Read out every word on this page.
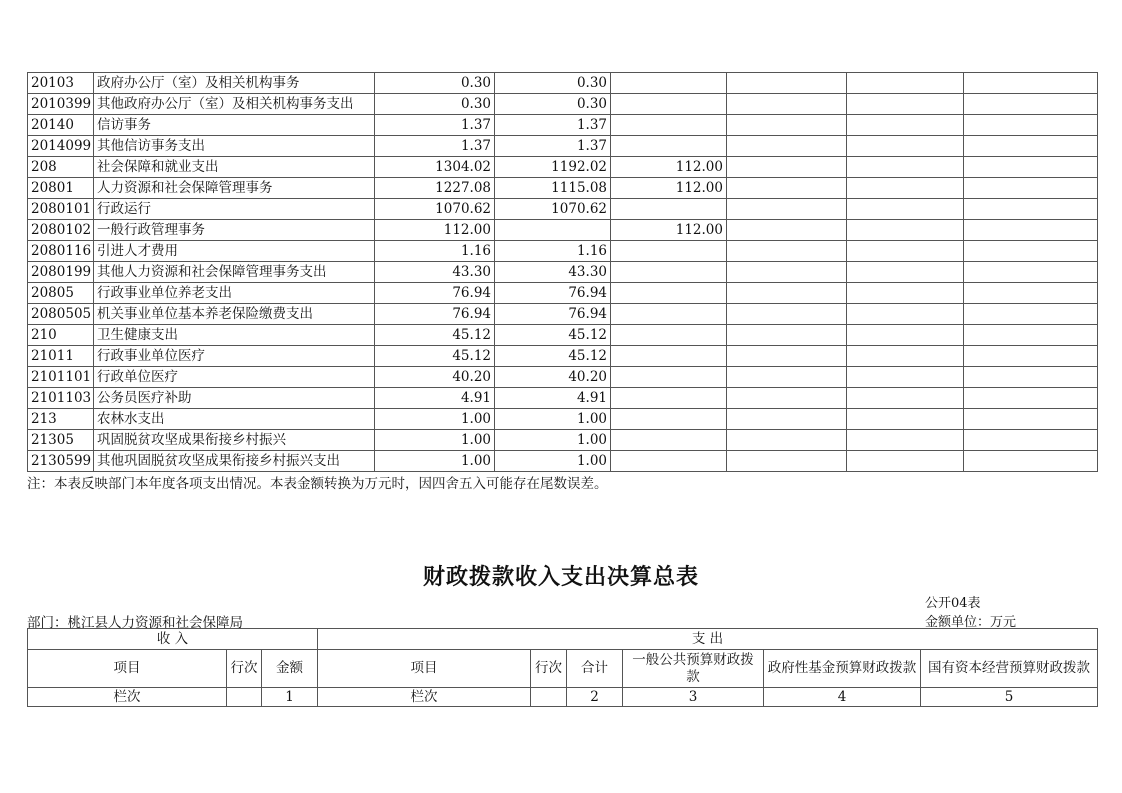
20103	政府办公厅（室）及相关机构事务	0.30	0.30				
2010399	其他政府办公厅（室）及相关机构事务支出	0.30	0.30				
20140	信访事务	1.37	1.37				
2014099	其他信访事务支出	1.37	1.37				
208	社会保障和就业支出	1304.02	1192.02	112.00			
20801	人力资源和社会保障管理事务	1227.08	1115.08	112.00			
2080101	行政运行	1070.62	1070.62				
2080102	一般行政管理事务	112.00		112.00			
2080116	引进人才费用	1.16	1.16				
2080199	其他人力资源和社会保障管理事务支出	43.30	43.30				
20805	行政事业单位养老支出	76.94	76.94				
2080505	机关事业单位基本养老保险缴费支出	76.94	76.94				
210	卫生健康支出	45.12	45.12				
21011	行政事业单位医疗	45.12	45.12				
2101101	行政单位医疗	40.20	40.20				
2101103	公务员医疗补助	4.91	4.91				
213	农林水支出	1.00	1.00				
21305	巩固脱贫攻坚成果衔接乡村振兴	1.00	1.00				
2130599	其他巩固脱贫攻坚成果衔接乡村振兴支出	1.00	1.00				
注：本表反映部门本年度各项支出情况。本表金额转换为万元时，因四舍五入可能存在尾数误差。
财政拨款收入支出决算总表
公开04表
部门：桃江县人力资源和社会保障局	金额单位：万元
收 入			支 出					
项目	行次	金额	项目	行次	合计	一般公共预算财政拨款	政府性基金预算财政拨款	国有资本经营预算财政拨款
栏次		1	栏次		2	3	4	5
